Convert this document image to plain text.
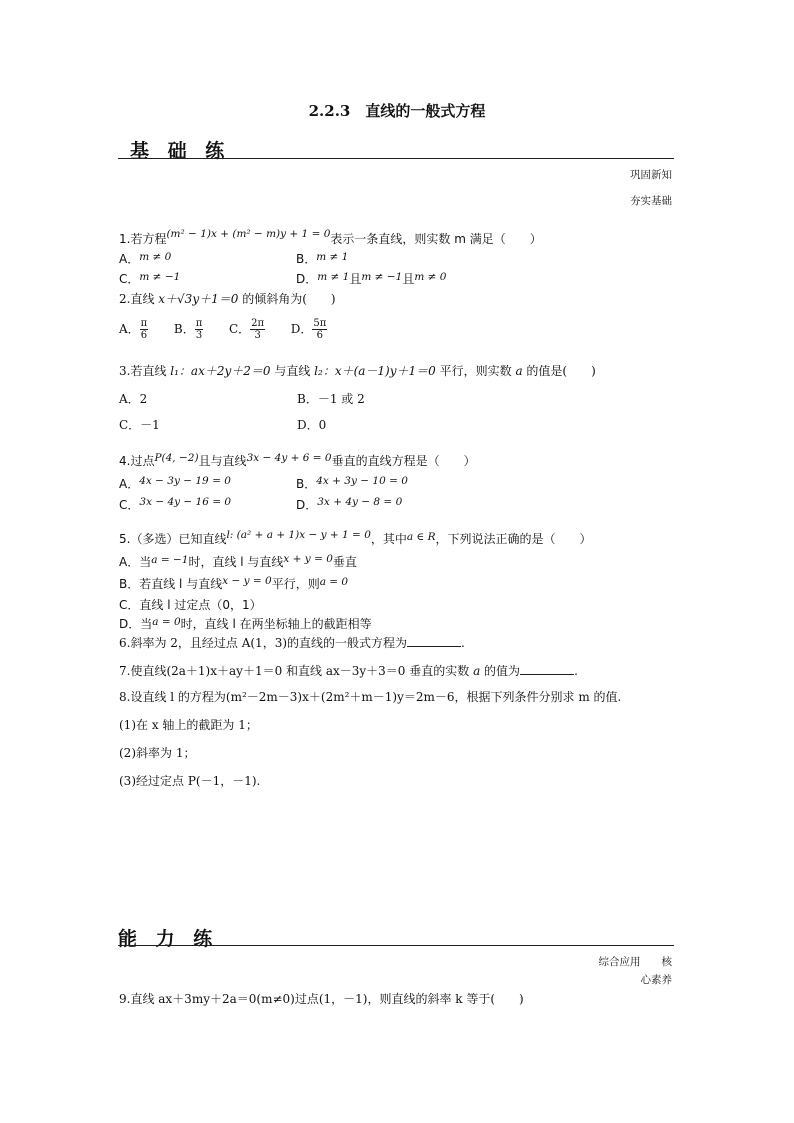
2.2.3　直线的一般式方程
基 础 练
巩固新知
夯实基础
1.若方程(m² − 1)x + (m² − m)y + 1 = 0表示一条直线，则实数 m 满足（　　）
A．m ≠ 0	B．m ≠ 1
C．m ≠ −1	D．m ≠ 1且m ≠ −1且m ≠ 0
2.直线 x＋√3y＋1＝0 的倾斜角为(　　)
A． $\frac{\pi}{6}$ B． $\frac{\pi}{3}$ C． $\frac{2\pi}{3}$ D． $\frac{5\pi}{6}$
3.若直线 l₁：ax＋2y＋2＝0 与直线 l₂：x＋(a－1)y＋1＝0 平行，则实数 a 的值是(　　)
A．2	B．－1 或 2
C．－1	D．0
4.过点P(4, −2)且与直线3x − 4y + 6 = 0垂直的直线方程是（　　）
A．4x − 3y − 19 = 0	B．4x + 3y − 10 = 0
C．3x − 4y − 16 = 0	D．3x + 4y − 8 = 0
5.（多选）已知直线l: (a² + a + 1)x − y + 1 = 0，其中a ∈ R，下列说法正确的是（　　）
A．当a = −1时，直线 l 与直线x + y = 0垂直
B．若直线 l 与直线x − y = 0平行，则a = 0
C．直线 l 过定点（0，1）
D．当a = 0时，直线 l 在两坐标轴上的截距相等
6.斜率为 2，且经过点 A(1，3)的直线的一般式方程为	.
7.使直线(2a＋1)x＋ay＋1＝0 和直线 ax－3y＋3＝0 垂直的实数 a 的值为	.
8.设直线 l 的方程为(m²－2m－3)x＋(2m²＋m－1)y＝2m－6，根据下列条件分别求 m 的值.
(1)在 x 轴上的截距为 1；
(2)斜率为 1；
(3)经过定点 P(－1，－1).
能 力 练
综合应用　　核
心素养
9.直线 ax＋3my＋2a＝0(m≠0)过点(1，－1)，则直线的斜率 k 等于(　　)
